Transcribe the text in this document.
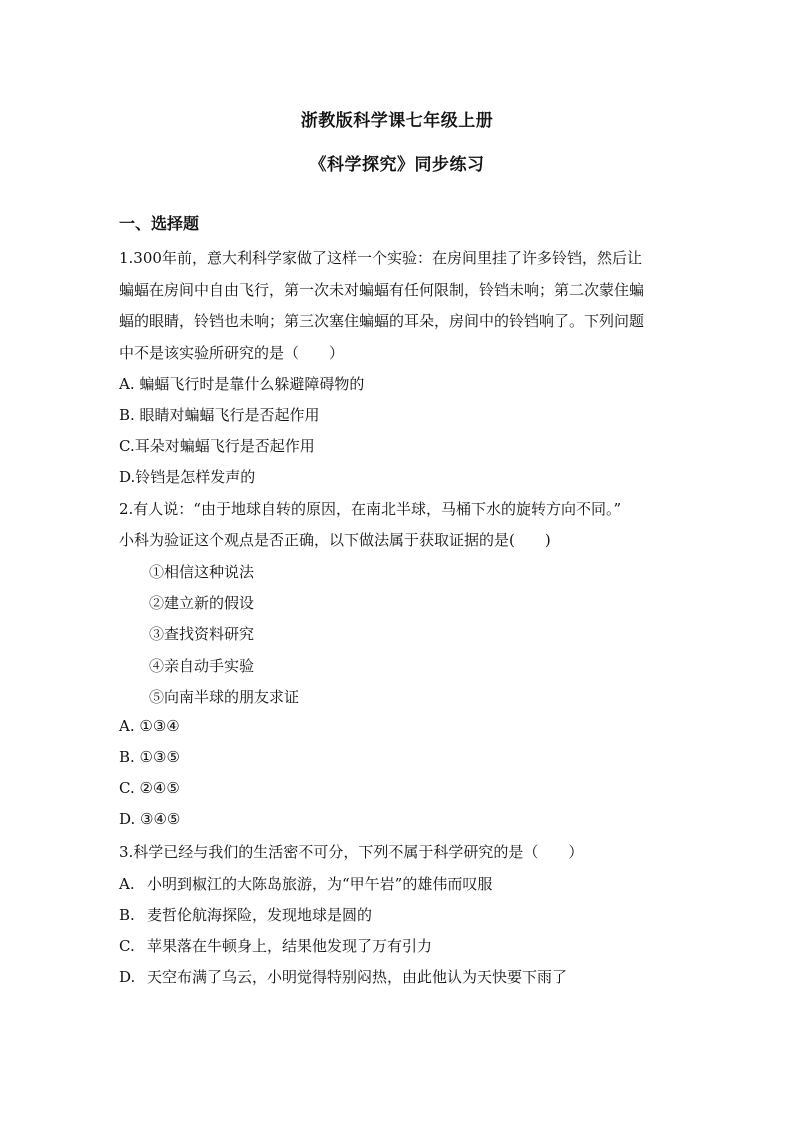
浙教版科学课七年级上册
《科学探究》同步练习
一、选择题
1.300年前，意大利科学家做了这样一个实验：在房间里挂了许多铃铛，然后让
蝙蝠在房间中自由飞行，第一次未对蝙蝠有任何限制，铃铛未响；第二次蒙住蝙
蝠的眼睛，铃铛也未响；第三次塞住蝙蝠的耳朵，房间中的铃铛响了。下列问题
中不是该实验所研究的是（　　）
A. 蝙蝠飞行时是靠什么躲避障碍物的
B. 眼睛对蝙蝠飞行是否起作用
C.耳朵对蝙蝠飞行是否起作用
D.铃铛是怎样发声的
2.有人说：“由于地球自转的原因，在南北半球，马桶下水的旋转方向不同。”
小科为验证这个观点是否正确，以下做法属于获取证据的是(　　)
①相信这种说法
②建立新的假设
③查找资料研究
④亲自动手实验
⑤向南半球的朋友求证
A. ①③④
B. ①③⑤
C. ②④⑤
D. ③④⑤
3.科学已经与我们的生活密不可分，下列不属于科学研究的是（　　）
A. 小明到椒江的大陈岛旅游，为“甲午岩”的雄伟而叹服
B. 麦哲伦航海探险，发现地球是圆的
C. 苹果落在牛顿身上，结果他发现了万有引力
D. 天空布满了乌云，小明觉得特别闷热，由此他认为天快要下雨了
